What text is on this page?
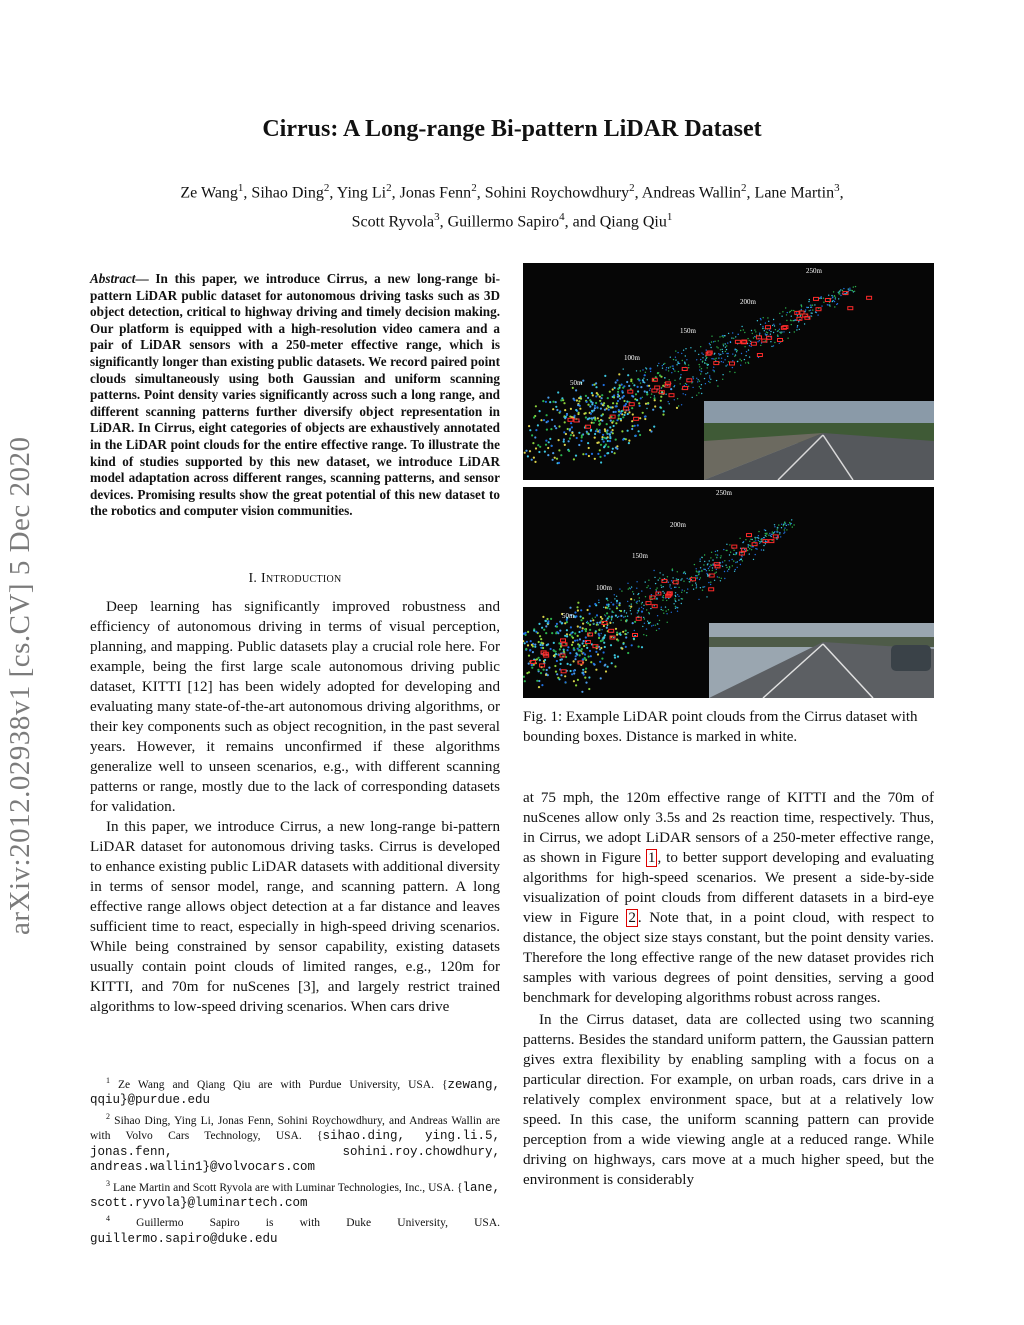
arXiv:2012.02938v1 [cs.CV] 5 Dec 2020
Cirrus: A Long-range Bi-pattern LiDAR Dataset
Ze Wang$^1$, Sihao Ding$^2$, Ying Li$^2$, Jonas Fenn$^2$, Sohini Roychowdhury$^2$, Andreas Wallin$^2$, Lane Martin$^3$,
Scott Ryvola$^3$, Guillermo Sapiro$^4$, and Qiang Qiu$^1$
Abstract— In this paper, we introduce Cirrus, a new long-range bi-pattern LiDAR public dataset for autonomous driving tasks such as 3D object detection, critical to highway driving and timely decision making. Our platform is equipped with a high-resolution video camera and a pair of LiDAR sensors with a 250-meter effective range, which is significantly longer than existing public datasets. We record paired point clouds simultaneously using both Gaussian and uniform scanning patterns. Point density varies significantly across such a long range, and different scanning patterns further diversify object representation in LiDAR. In Cirrus, eight categories of objects are exhaustively annotated in the LiDAR point clouds for the entire effective range. To illustrate the kind of studies supported by this new dataset, we introduce LiDAR model adaptation across different ranges, scanning patterns, and sensor devices. Promising results show the great potential of this new dataset to the robotics and computer vision communities.
I. Introduction

Deep learning has significantly improved robustness and efficiency of autonomous driving in terms of visual perception, planning, and mapping. Public datasets play a crucial role here. For example, being the first large scale autonomous driving public dataset, KITTI [12] has been widely adopted for developing and evaluating many state-of-the-art autonomous driving algorithms, or their key components such as object recognition, in the past several years. However, it remains unconfirmed if these algorithms generalize well to unseen scenarios, e.g., with different scanning patterns or range, mostly due to the lack of corresponding datasets for validation.

In this paper, we introduce Cirrus, a new long-range bi-pattern LiDAR dataset for autonomous driving tasks. Cirrus is developed to enhance existing public LiDAR datasets with additional diversity in terms of sensor model, range, and scanning pattern. A long effective range allows object detection at a far distance and leaves sufficient time to react, especially in high-speed driving scenarios. While being constrained by sensor capability, existing datasets usually contain point clouds of limited ranges, e.g., 120m for KITTI, and 70m for nuScenes [3], and largely restrict trained algorithms to low-speed driving scenarios. When cars drive

$^1$ Ze Wang and Qiang Qiu are with Purdue University, USA. {zewang, qqiu}@purdue.edu

$^2$ Sihao Ding, Ying Li, Jonas Fenn, Sohini Roychowdhury, and Andreas Wallin are with Volvo Cars Technology, USA. {sihao.ding, ying.li.5, jonas.fenn, sohini.roy.chowdhury, andreas.wallin1}@volvocars.com

$^3$ Lane Martin and Scott Ryvola are with Luminar Technologies, Inc., USA. {lane, scott.ryvola}@luminartech.com

$^4$ Guillermo Sapiro is with Duke University, USA. guillermo.sapiro@duke.edu

250m
200m
150m
100m
50m
250m
200m
150m
100m
50m
Fig. 1: Example LiDAR point clouds from the Cirrus dataset with bounding boxes. Distance is marked in white.

at 75 mph, the 120m effective range of KITTI and the 70m of nuScenes allow only 3.5s and 2s reaction time, respectively. Thus, in Cirrus, we adopt LiDAR sensors of a 250-meter effective range, as shown in Figure 1 , to better support developing and evaluating algorithms for high-speed scenarios. We present a side-by-side visualization of point clouds from different datasets in a bird-eye view in Figure 2 . Note that, in a point cloud, with respect to distance, the object size stays constant, but the point density varies. Therefore the long effective range of the new dataset provides rich samples with various degrees of point densities, serving a good benchmark for developing algorithms robust across ranges.

In the Cirrus dataset, data are collected using two scanning patterns. Besides the standard uniform pattern, the Gaussian pattern gives extra flexibility by enabling sampling with a focus on a particular direction. For example, on urban roads, cars drive in a relatively complex environment space, but at a relatively low speed. In this case, the uniform scanning pattern can provide perception from a wide viewing angle at a reduced range. While driving on highways, cars move at a much higher speed, but the environment is considerably
